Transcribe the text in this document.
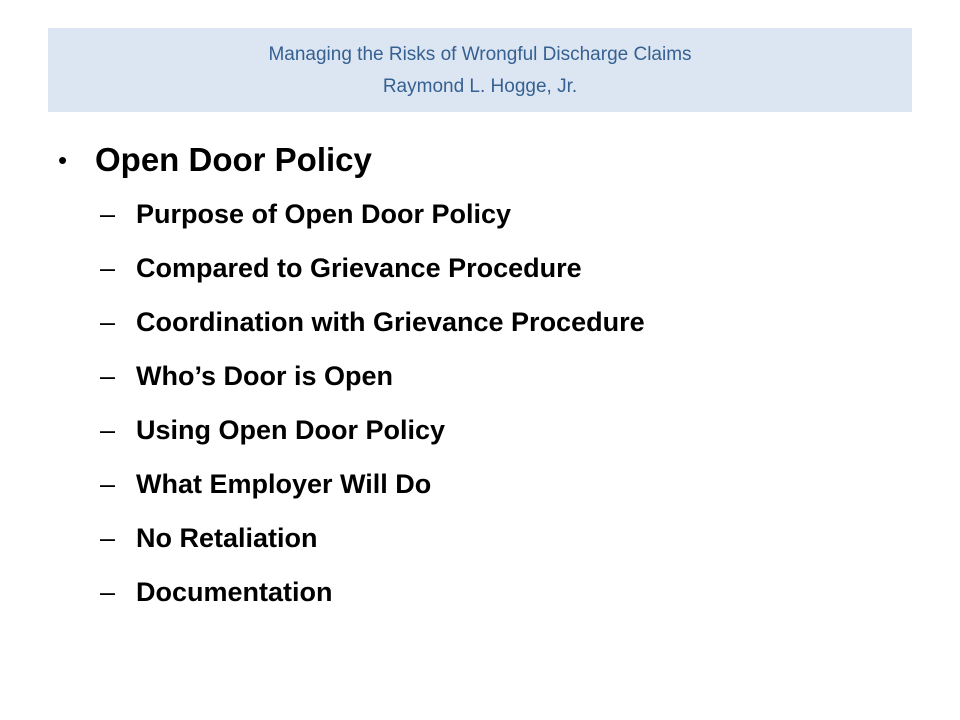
Managing the Risks of Wrongful Discharge Claims
Raymond L. Hogge, Jr.
• Open Door Policy
– Purpose of Open Door Policy
– Compared to Grievance Procedure
– Coordination with Grievance Procedure
– Who’s Door is Open
– Using Open Door Policy
– What Employer Will Do
– No Retaliation
– Documentation
